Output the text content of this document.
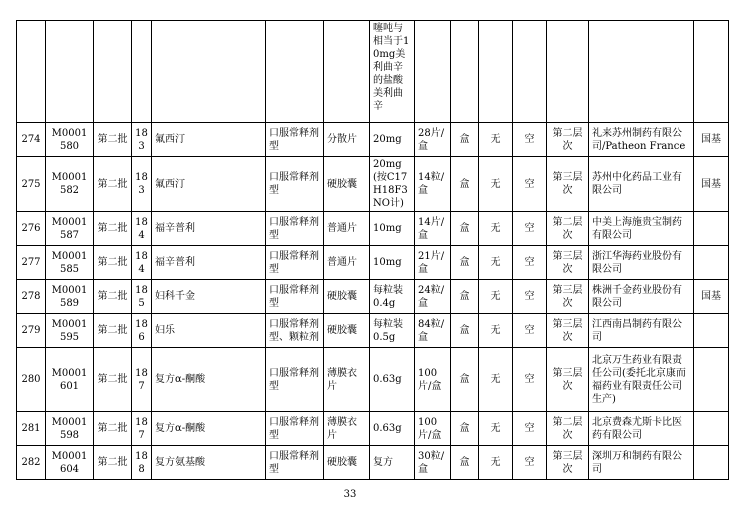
							噻吨与相当于10mg美利曲辛的盐酸美利曲辛							
274	M0001580	第二批	183	氟西汀	口服常释剂型	分散片	20mg	28片/盒	盒	无	空	第二层次	礼来苏州制药有限公司/Patheon France	国基
275	M0001582	第二批	183	氟西汀	口服常释剂型	硬胶囊	20mg(按C17H18F3NO计)	14粒/盒	盒	无	空	第三层次	苏州中化药品工业有限公司	国基
276	M0001587	第二批	184	福辛普利	口服常释剂型	普通片	10mg	14片/盒	盒	无	空	第二层次	中美上海施贵宝制药有限公司	
277	M0001585	第二批	184	福辛普利	口服常释剂型	普通片	10mg	21片/盒	盒	无	空	第三层次	浙江华海药业股份有限公司	
278	M0001589	第二批	185	妇科千金	口服常释剂型	硬胶囊	每粒装0.4g	24粒/盒	盒	无	空	第三层次	株洲千金药业股份有限公司	国基
279	M0001595	第二批	186	妇乐	口服常释剂型、颗粒剂	硬胶囊	每粒装0.5g	84粒/盒	盒	无	空	第三层次	江西南昌制药有限公司	
280	M0001601	第二批	187	复方α-酮酸	口服常释剂型	薄膜衣片	0.63g	100片/盒	盒	无	空	第三层次	北京万生药业有限责任公司(委托北京康而福药业有限责任公司生产)	
281	M0001598	第二批	187	复方α-酮酸	口服常释剂型	薄膜衣片	0.63g	100片/盒	盒	无	空	第二层次	北京费森尤斯卡比医药有限公司	
282	M0001604	第二批	188	复方氨基酸	口服常释剂型	硬胶囊	复方	30粒/盒	盒	无	空	第三层次	深圳万和制药有限公司	
33
